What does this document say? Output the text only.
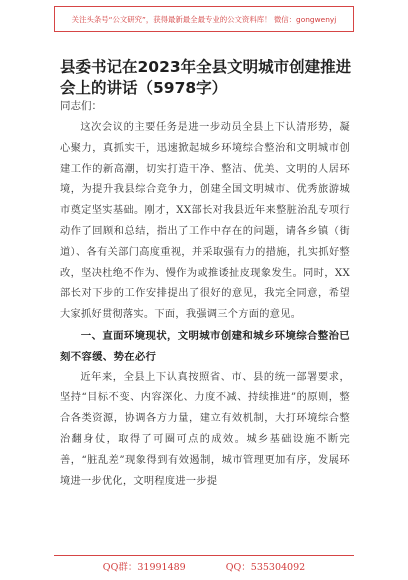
关注头条号“公文研究”，获得最新最全最专业的公文资料库！ 微信：gongwenyj
县委书记在2023年全县文明城市创建推进会上的讲话（5978字）
同志们：

这次会议的主要任务是进一步动员全县上下认清形势，凝心聚力，真抓实干，迅速掀起城乡环境综合整治和文明城市创建工作的新高潮，切实打造干净、整洁、优美、文明的人居环境，为提升我县综合竞争力，创建全国文明城市、优秀旅游城市奠定坚实基础。刚才，XX部长对我县近年来整脏治乱专项行动作了回顾和总结，指出了工作中存在的问题，请各乡镇（街道）、各有关部门高度重视，并采取强有力的措施，扎实抓好整改，坚决杜绝不作为、慢作为或推诿扯皮现象发生。同时，XX部长对下步的工作安排提出了很好的意见，我完全同意，希望大家抓好贯彻落实。下面，我强调三个方面的意见。

一、直面环境现状，文明城市创建和城乡环境综合整治已刻不容缓、势在必行

近年来，全县上下认真按照省、市、县的统一部署要求，坚持“目标不变、内容深化、力度不减、持续推进”的原则，整合各类资源，协调各方力量，建立有效机制，大打环境综合整治翻身仗，取得了可圈可点的成效。城乡基础设施不断完善，“脏乱差”现象得到有效遏制，城市管理更加有序，发展环境进一步优化，文明程度进一步提

QQ群：31991489	QQ：535304092
